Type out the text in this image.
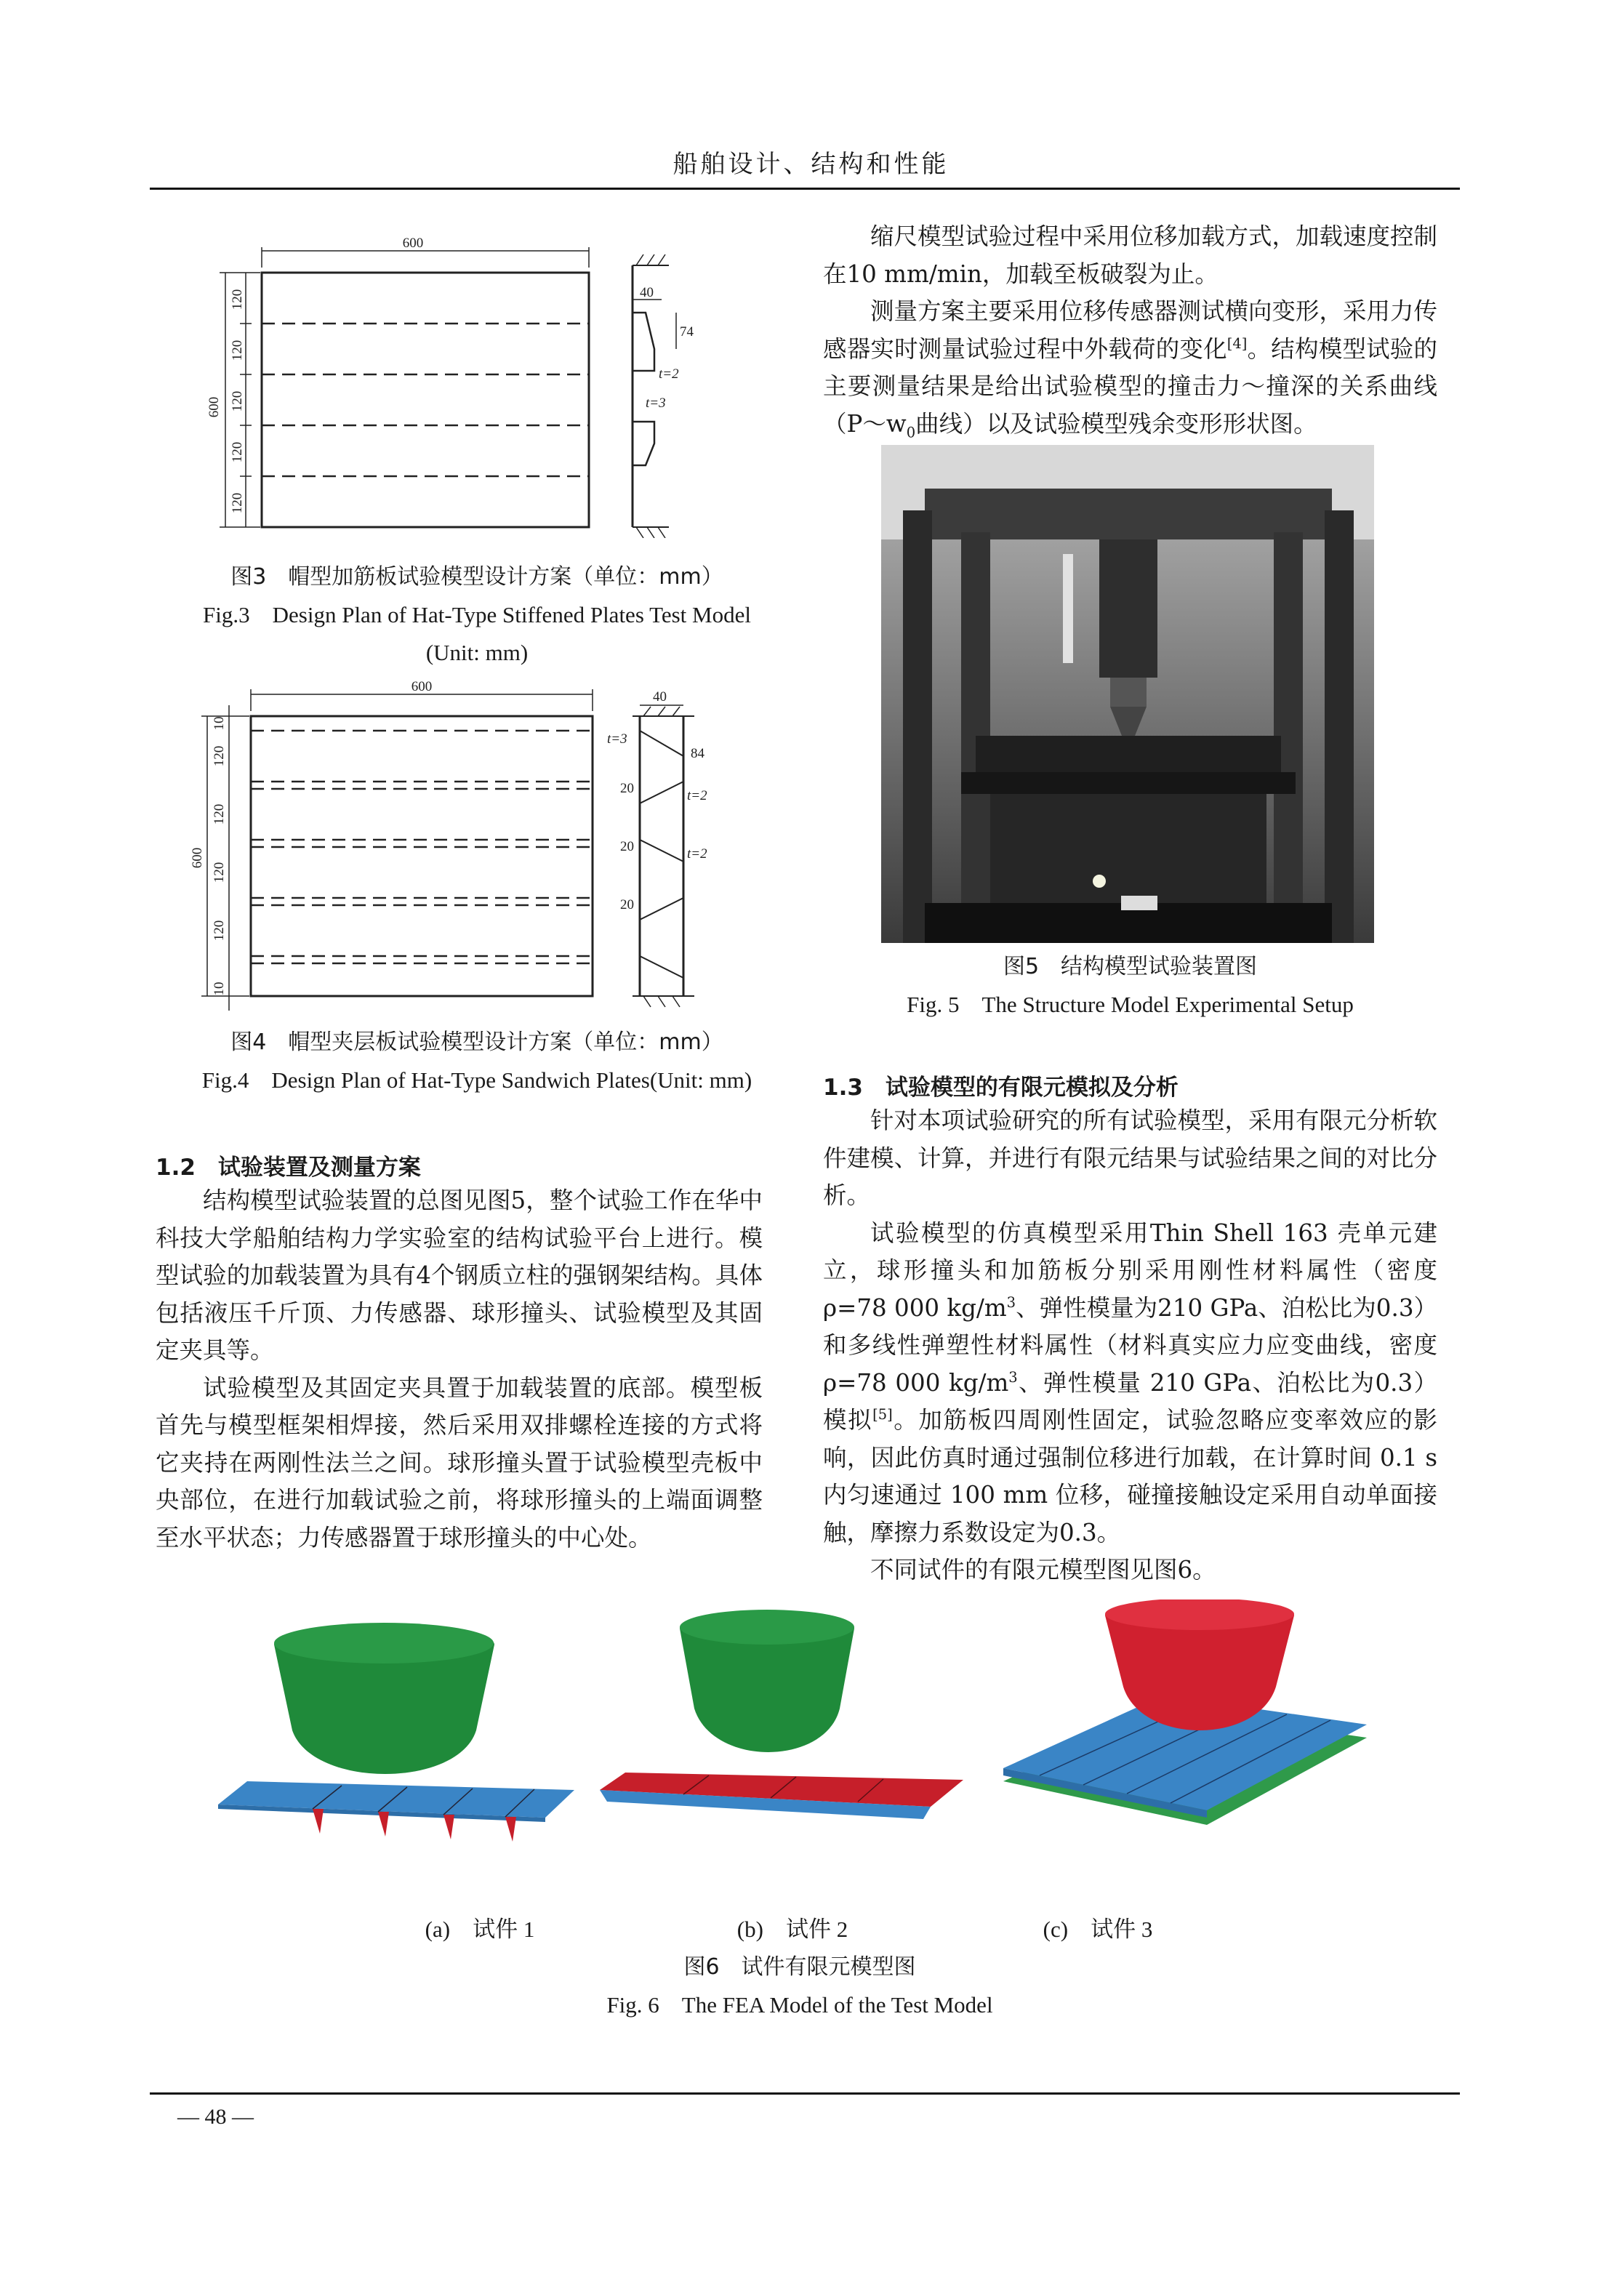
船舶设计、结构和性能
600
600
120
120
120
120
120
40
74
t=2
t=3
图3　帽型加筋板试验模型设计方案（单位：mm）
Fig.3　Design Plan of Hat-Type Stiffened Plates Test Model
(Unit: mm)
600
600
10
120
120
120
120
10
40
84
t=3
t=2
t=2
20
20
20
图4　帽型夹层板试验模型设计方案（单位：mm）
Fig.4　Design Plan of Hat-Type Sandwich Plates(Unit: mm)
1.2　试验装置及测量方案

结构模型试验装置的总图见图5，整个试验工作在华中科技大学船舶结构力学实验室的结构试验平台上进行。模型试验的加载装置为具有4个钢质立柱的强钢架结构。具体包括液压千斤顶、力传感器、球形撞头、试验模型及其固定夹具等。

试验模型及其固定夹具置于加载装置的底部。模型板首先与模型框架相焊接，然后采用双排螺栓连接的方式将它夹持在两刚性法兰之间。球形撞头置于试验模型壳板中央部位，在进行加载试验之前，将球形撞头的上端面调整至水平状态；力传感器置于球形撞头的中心处。

缩尺模型试验过程中采用位移加载方式，加载速度控制在10 mm/min，加载至板破裂为止。

测量方案主要采用位移传感器测试横向变形，采用力传感器实时测量试验过程中外载荷的变化[4]。结构模型试验的主要测量结果是给出试验模型的撞击力～撞深的关系曲线（$P\sim w_0$曲线）以及试验模型残余变形形状图。

图5　结构模型试验装置图
Fig. 5　The Structure Model Experimental Setup
1.3　试验模型的有限元模拟及分析

针对本项试验研究的所有试验模型，采用有限元分析软件建模、计算，并进行有限元结果与试验结果之间的对比分析。

试验模型的仿真模型采用Thin Shell 163 壳单元建立，球形撞头和加筋板分别采用刚性材料属性（密度 ρ=78 000 $kg/m^3$、弹性模量为210 GPa、泊松比为0.3）和多线性弹塑性材料属性（材料真实应力应变曲线，密度ρ=78 000 $kg/m^3$、弹性模量 210 GPa、泊松比为0.3）模拟[5]。加筋板四周刚性固定，试验忽略应变率效应的影响，因此仿真时通过强制位移进行加载，在计算时间 0.1 s 内匀速通过 100 mm 位移，碰撞接触设定采用自动单面接触，摩擦力系数设定为0.3。

不同试件的有限元模型图见图6。

(a)　试件 1	(b)　试件 2	(c)　试件 3
图6　试件有限元模型图
Fig. 6　The FEA Model of the Test Model
— 48 —
